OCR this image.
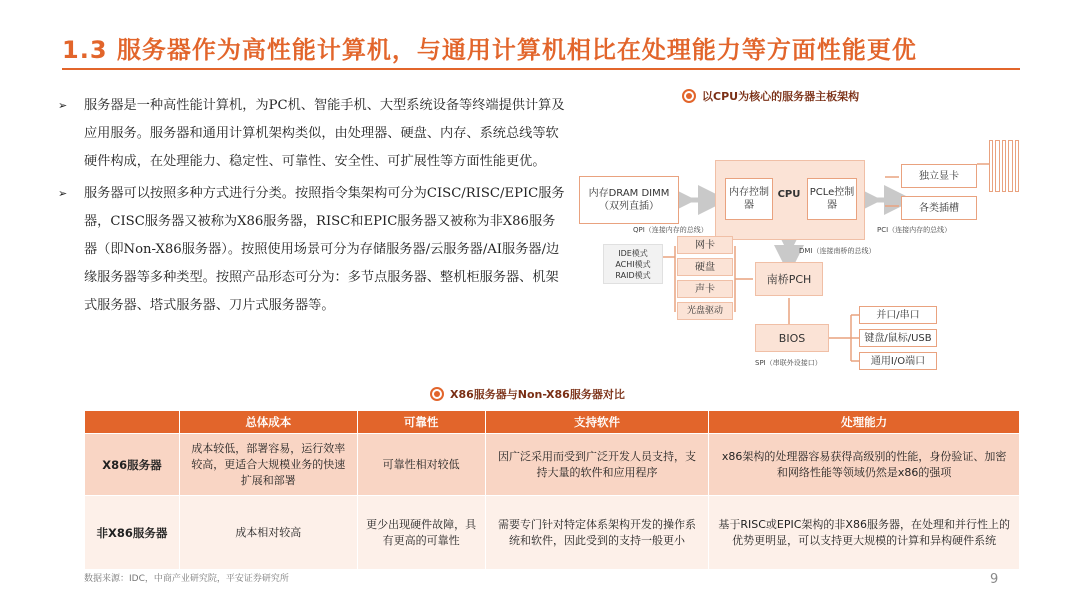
1.3 服务器作为高性能计算机，与通用计算机相比在处理能力等方面性能更优
➢	服务器是一种高性能计算机，为PC机、智能手机、大型系统设备等终端提供计算及应用服务。服务器和通用计算机架构类似，由处理器、硬盘、内存、系统总线等软硬件构成，在处理能力、稳定性、可靠性、安全性、可扩展性等方面性能更优。
➢	服务器可以按照多种方式进行分类。按照指令集架构可分为CISC/RISC/EPIC服务器，CISC服务器又被称为X86服务器，RISC和EPIC服务器又被称为非X86服务器（即Non-X86服务器）。按照使用场景可分为存储服务器/云服务器/AI服务器/边缘服务器等多种类型。按照产品形态可分为：多节点服务器、整机柜服务器、机架式服务器、塔式服务器、刀片式服务器等。
以CPU为核心的服务器主板架构
内存DRAM DIMM（双列直插）
内存控制器
CPU PCLe控制器
独立显卡
各类插槽
QPI（连接内存的总线）	PCI（连接内存的总线）
DMI（连接南桥的总线）
IDE模式 ACHI模式 RAID模式
网卡
硬盘
声卡
光盘驱动
南桥PCH
BIOS
SPI（串联外设接口）
并口/串口
键盘/鼠标/USB
通用I/O端口
X86服务器与Non-X86服务器对比
	总体成本	可靠性	支持软件	处理能力
X86服务器	成本较低，部署容易，运行效率较高，更适合大规模业务的快速扩展和部署	可靠性相对较低	因广泛采用而受到广泛开发人员支持，支持大量的软件和应用程序	x86架构的处理器容易获得高级别的性能，身份验证、加密和网络性能等领域仍然是x86的强项
非X86服务器	成本相对较高	更少出现硬件故障，具有更高的可靠性	需要专门针对特定体系架构开发的操作系统和软件，因此受到的支持一般更小	基于RISC或EPIC架构的非X86服务器，在处理和并行性上的优势更明显，可以支持更大规模的计算和异构硬件系统
数据来源：IDC，中商产业研究院，平安证券研究所	9
